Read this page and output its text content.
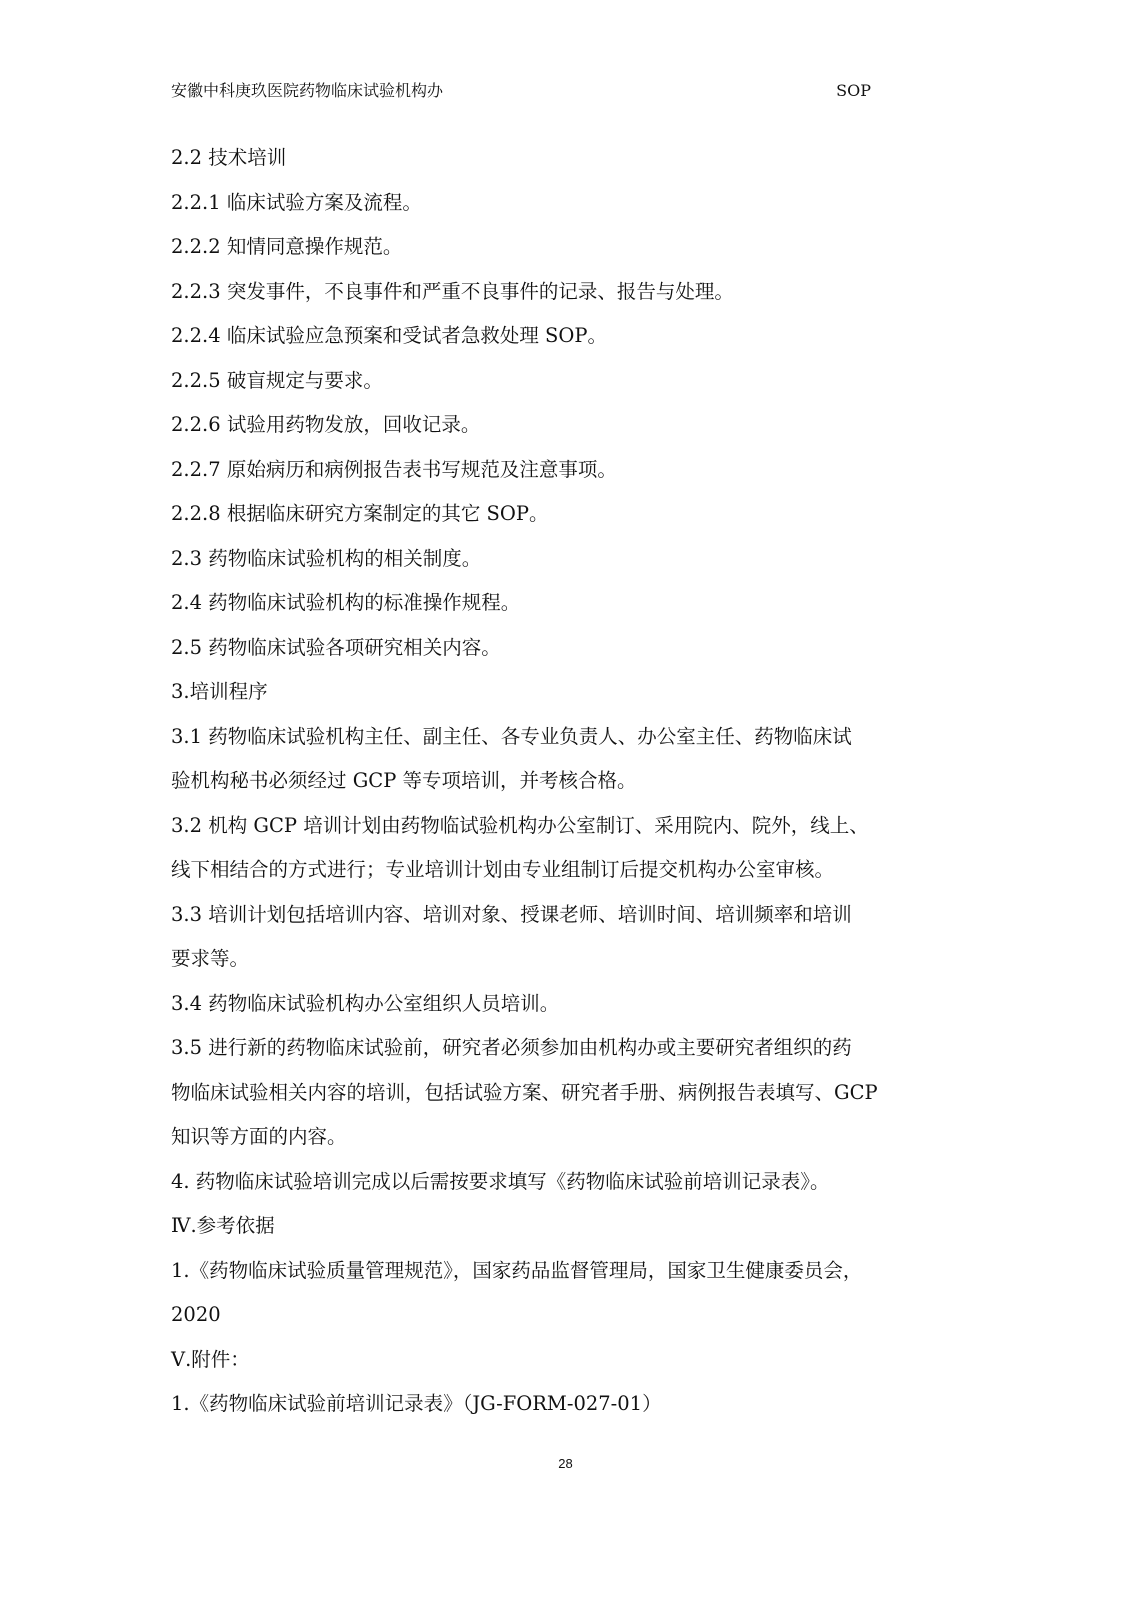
安徽中科庚玖医院药物临床试验机构办	SOP
2.2 技术培训
2.2.1 临床试验方案及流程。
2.2.2 知情同意操作规范。
2.2.3 突发事件，不良事件和严重不良事件的记录、报告与处理。
2.2.4 临床试验应急预案和受试者急救处理 SOP。
2.2.5 破盲规定与要求。
2.2.6 试验用药物发放，回收记录。
2.2.7 原始病历和病例报告表书写规范及注意事项。
2.2.8 根据临床研究方案制定的其它 SOP。
2.3 药物临床试验机构的相关制度。
2.4 药物临床试验机构的标准操作规程。
2.5 药物临床试验各项研究相关内容。
3.培训程序
3.1 药物临床试验机构主任、副主任、各专业负责人、办公室主任、药物临床试
验机构秘书必须经过 GCP 等专项培训，并考核合格。
3.2 机构 GCP 培训计划由药物临试验机构办公室制订、采用院内、院外，线上、
线下相结合的方式进行；专业培训计划由专业组制订后提交机构办公室审核。
3.3 培训计划包括培训内容、培训对象、授课老师、培训时间、培训频率和培训
要求等。
3.4 药物临床试验机构办公室组织人员培训。
3.5 进行新的药物临床试验前，研究者必须参加由机构办或主要研究者组织的药
物临床试验相关内容的培训，包括试验方案、研究者手册、病例报告表填写、GCP
知识等方面的内容。
4. 药物临床试验培训完成以后需按要求填写《药物临床试验前培训记录表》。
Ⅳ.参考依据
1.《药物临床试验质量管理规范》，国家药品监督管理局，国家卫生健康委员会，
2020
Ⅴ.附件：
1.《药物临床试验前培训记录表》（JG-FORM-027-01）
28
